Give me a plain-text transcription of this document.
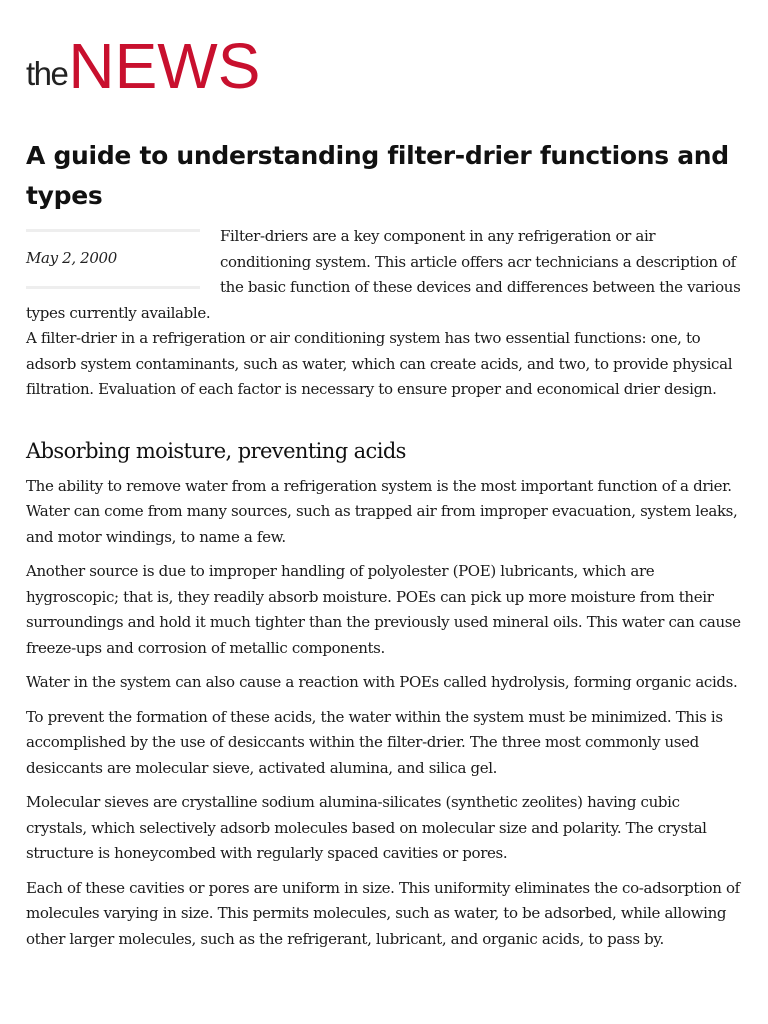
the NEWS
A guide to understanding filter-drier functions and types
May 2, 2000

Filter-driers are a key component in any refrigeration or air conditioning system. This article offers acr technicians a description of the basic function of these devices and differences between the various types currently available.

A filter-drier in a refrigeration or air conditioning system has two essential functions: one, to adsorb system contaminants, such as water, which can create acids, and two, to provide physical filtration. Evaluation of each factor is necessary to ensure proper and economical drier design.

Absorbing moisture, preventing acids

The ability to remove water from a refrigeration system is the most important function of a drier. Water can come from many sources, such as trapped air from improper evacuation, system leaks, and motor windings, to name a few.

Another source is due to improper handling of polyolester (POE) lubricants, which are hygroscopic; that is, they readily absorb moisture. POEs can pick up more moisture from their surroundings and hold it much tighter than the previously used mineral oils. This water can cause freeze-ups and corrosion of metallic components.

Water in the system can also cause a reaction with POEs called hydrolysis, forming organic acids.

To prevent the formation of these acids, the water within the system must be minimized. This is accomplished by the use of desiccants within the filter-drier. The three most commonly used desiccants are molecular sieve, activated alumina, and silica gel.

Molecular sieves are crystalline sodium alumina-silicates (synthetic zeolites) having cubic crystals, which selectively adsorb molecules based on molecular size and polarity. The crystal structure is honeycombed with regularly spaced cavities or pores.

Each of these cavities or pores are uniform in size. This uniformity eliminates the co-adsorption of molecules varying in size. This permits molecules, such as water, to be adsorbed, while allowing other larger molecules, such as the refrigerant, lubricant, and organic acids, to pass by.
